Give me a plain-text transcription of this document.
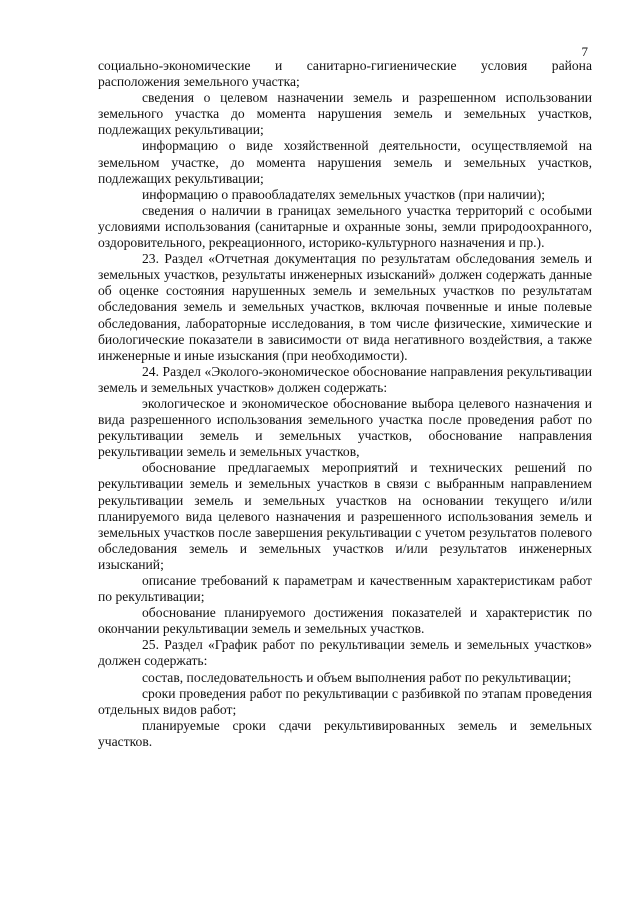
7

социально-экономические и санитарно-гигиенические условия района расположения земельного участка;

сведения о целевом назначении земель и разрешенном использовании земельного участка до момента нарушения земель и земельных участков, подлежащих рекультивации;

информацию о виде хозяйственной деятельности, осуществляемой на земельном участке, до момента нарушения земель и земельных участков, подлежащих рекультивации;

информацию о правообладателях земельных участков (при наличии);

сведения о наличии в границах земельного участка территорий с особыми условиями использования (санитарные и охранные зоны, земли природоохранного, оздоровительного, рекреационного, историко-культурного назначения и пр.).

23. Раздел «Отчетная документация по результатам обследования земель и земельных участков, результаты инженерных изысканий» должен содержать данные об оценке состояния нарушенных земель и земельных участков по результатам обследования земель и земельных участков, включая почвенные и иные полевые обследования, лабораторные исследования, в том числе физические, химические и биологические показатели в зависимости от вида негативного воздействия, а также инженерные и иные изыскания (при необходимости).

24. Раздел «Эколого-экономическое обоснование направления рекультивации земель и земельных участков» должен содержать:

экологическое и экономическое обоснование выбора целевого назначения и вида разрешенного использования земельного участка после проведения работ по рекультивации земель и земельных участков, обоснование направления рекультивации земель и земельных участков,

обоснование предлагаемых мероприятий и технических решений по рекультивации земель и земельных участков в связи с выбранным направлением рекультивации земель и земельных участков на основании текущего и/или планируемого вида целевого назначения и разрешенного использования земель и земельных участков после завершения рекультивации с учетом результатов полевого обследования земель и земельных участков и/или результатов инженерных изысканий;

описание требований к параметрам и качественным характеристикам работ по рекультивации;

обоснование планируемого достижения показателей и характеристик по окончании рекультивации земель и земельных участков.

25. Раздел «График работ по рекультивации земель и земельных участков» должен содержать:

состав, последовательность и объем выполнения работ по рекультивации;

сроки проведения работ по рекультивации с разбивкой по этапам проведения отдельных видов работ;

планируемые сроки сдачи рекультивированных земель и земельных участков.
